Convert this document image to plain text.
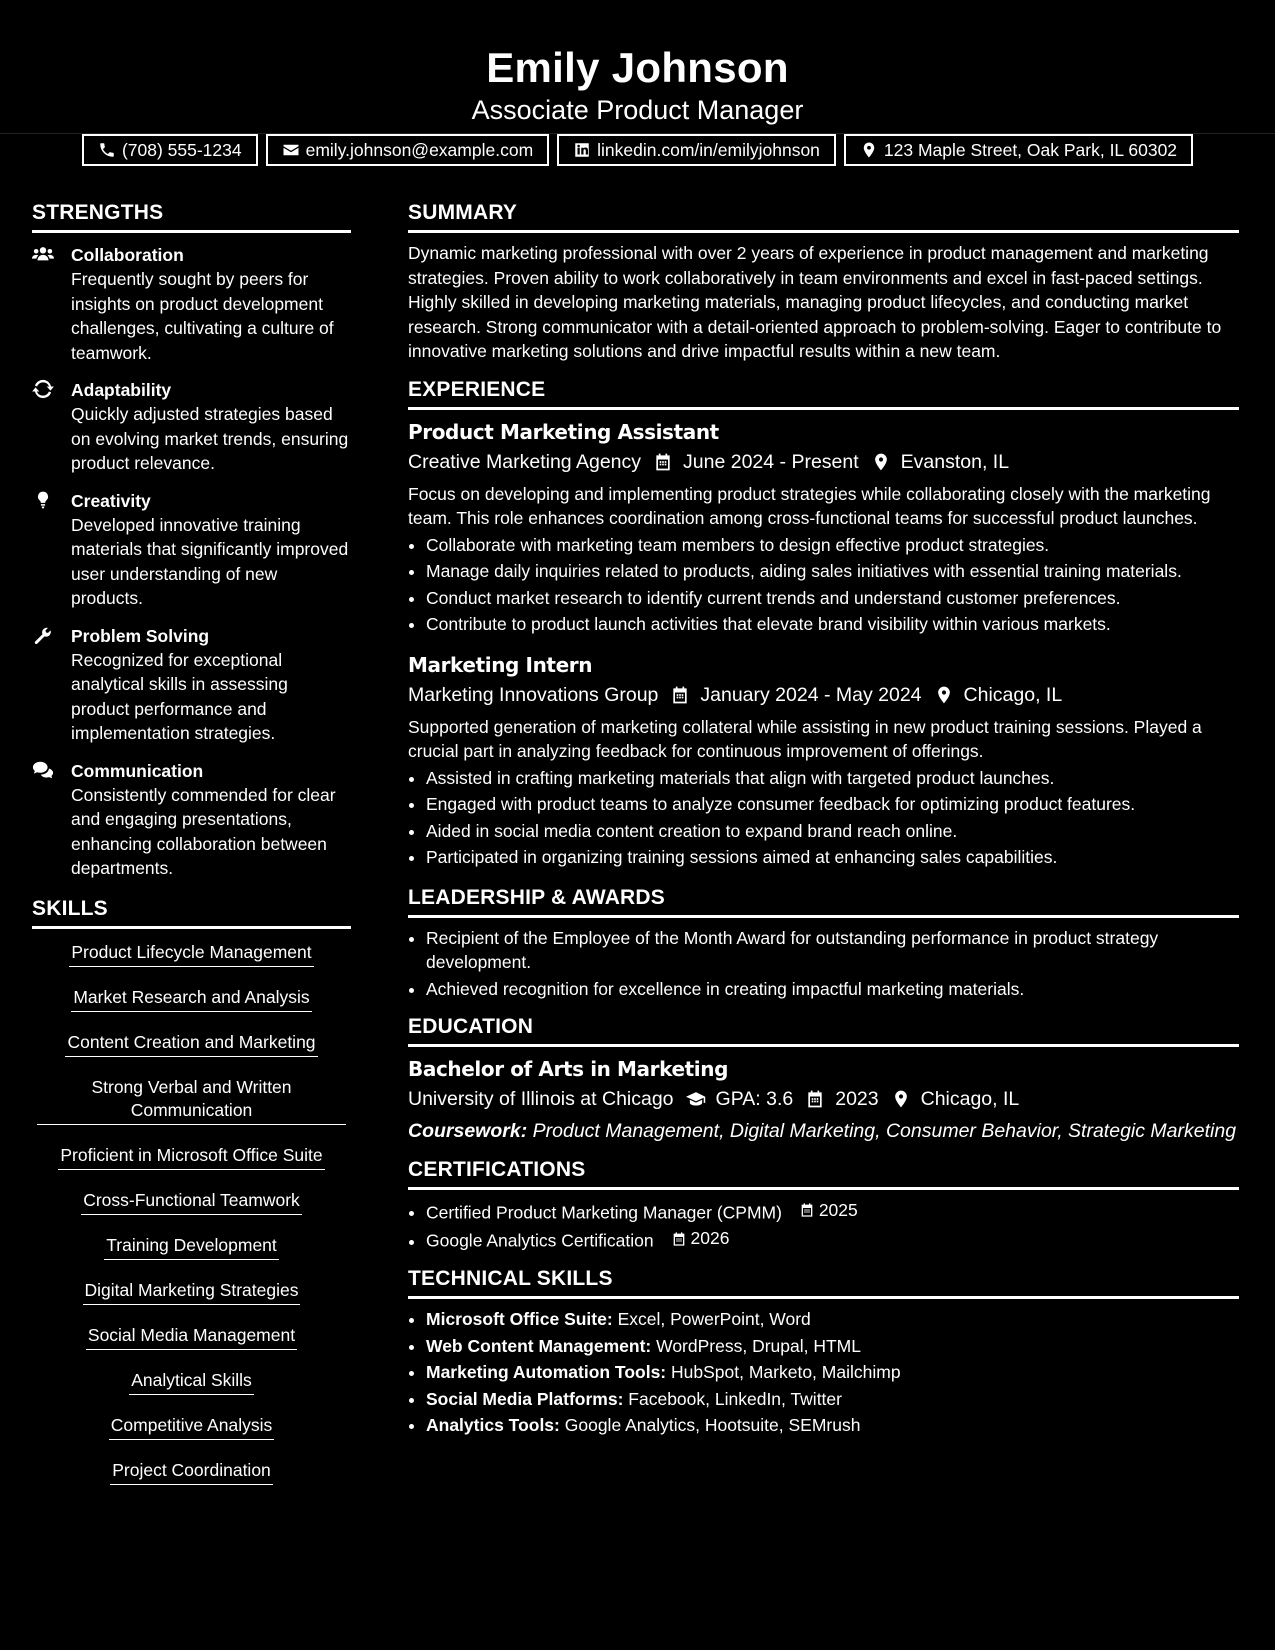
Emily Johnson
Associate Product Manager
(708) 555-1234	emily.johnson@example.com	linkedin.com/in/emilyjohnson	123 Maple Street, Oak Park, IL 60302
STRENGTHS
Collaboration
Frequently sought by peers for insights on product development challenges, cultivating a culture of teamwork.
Adaptability
Quickly adjusted strategies based on evolving market trends, ensuring product relevance.
Creativity
Developed innovative training materials that significantly improved user understanding of new products.
Problem Solving
Recognized for exceptional analytical skills in assessing product performance and implementation strategies.
Communication
Consistently commended for clear and engaging presentations, enhancing collaboration between departments.
SKILLS
Product Lifecycle Management
Market Research and Analysis
Content Creation and Marketing
Strong Verbal and Written Communication
Proficient in Microsoft Office Suite
Cross-Functional Teamwork
Training Development
Digital Marketing Strategies
Social Media Management
Analytical Skills
Competitive Analysis
Project Coordination
SUMMARY
Dynamic marketing professional with over 2 years of experience in product management and marketing strategies. Proven ability to work collaboratively in team environments and excel in fast-paced settings. Highly skilled in developing marketing materials, managing product lifecycles, and conducting market research. Strong communicator with a detail-oriented approach to problem-solving. Eager to contribute to innovative marketing solutions and drive impactful results within a new team.
EXPERIENCE
Product Marketing Assistant
Creative Marketing Agency June 2024 - Present Evanston, IL
Focus on developing and implementing product strategies while collaborating closely with the marketing team. This role enhances coordination among cross-functional teams for successful product launches.
• Collaborate with marketing team members to design effective product strategies.
• Manage daily inquiries related to products, aiding sales initiatives with essential training materials.
• Conduct market research to identify current trends and understand customer preferences.
• Contribute to product launch activities that elevate brand visibility within various markets.
Marketing Intern
Marketing Innovations Group January 2024 - May 2024 Chicago, IL
Supported generation of marketing collateral while assisting in new product training sessions. Played a crucial part in analyzing feedback for continuous improvement of offerings.
• Assisted in crafting marketing materials that align with targeted product launches.
• Engaged with product teams to analyze consumer feedback for optimizing product features.
• Aided in social media content creation to expand brand reach online.
• Participated in organizing training sessions aimed at enhancing sales capabilities.
LEADERSHIP & AWARDS
• Recipient of the Employee of the Month Award for outstanding performance in product strategy development.
• Achieved recognition for excellence in creating impactful marketing materials.
EDUCATION
Bachelor of Arts in Marketing
University of Illinois at Chicago GPA: 3.6 2023 Chicago, IL
Coursework: Product Management, Digital Marketing, Consumer Behavior, Strategic Marketing
CERTIFICATIONS
• Certified Product Marketing Manager (CPMM) 2025
• Google Analytics Certification 2026
TECHNICAL SKILLS
• Microsoft Office Suite: Excel, PowerPoint, Word
• Web Content Management: WordPress, Drupal, HTML
• Marketing Automation Tools: HubSpot, Marketo, Mailchimp
• Social Media Platforms: Facebook, LinkedIn, Twitter
• Analytics Tools: Google Analytics, Hootsuite, SEMrush
